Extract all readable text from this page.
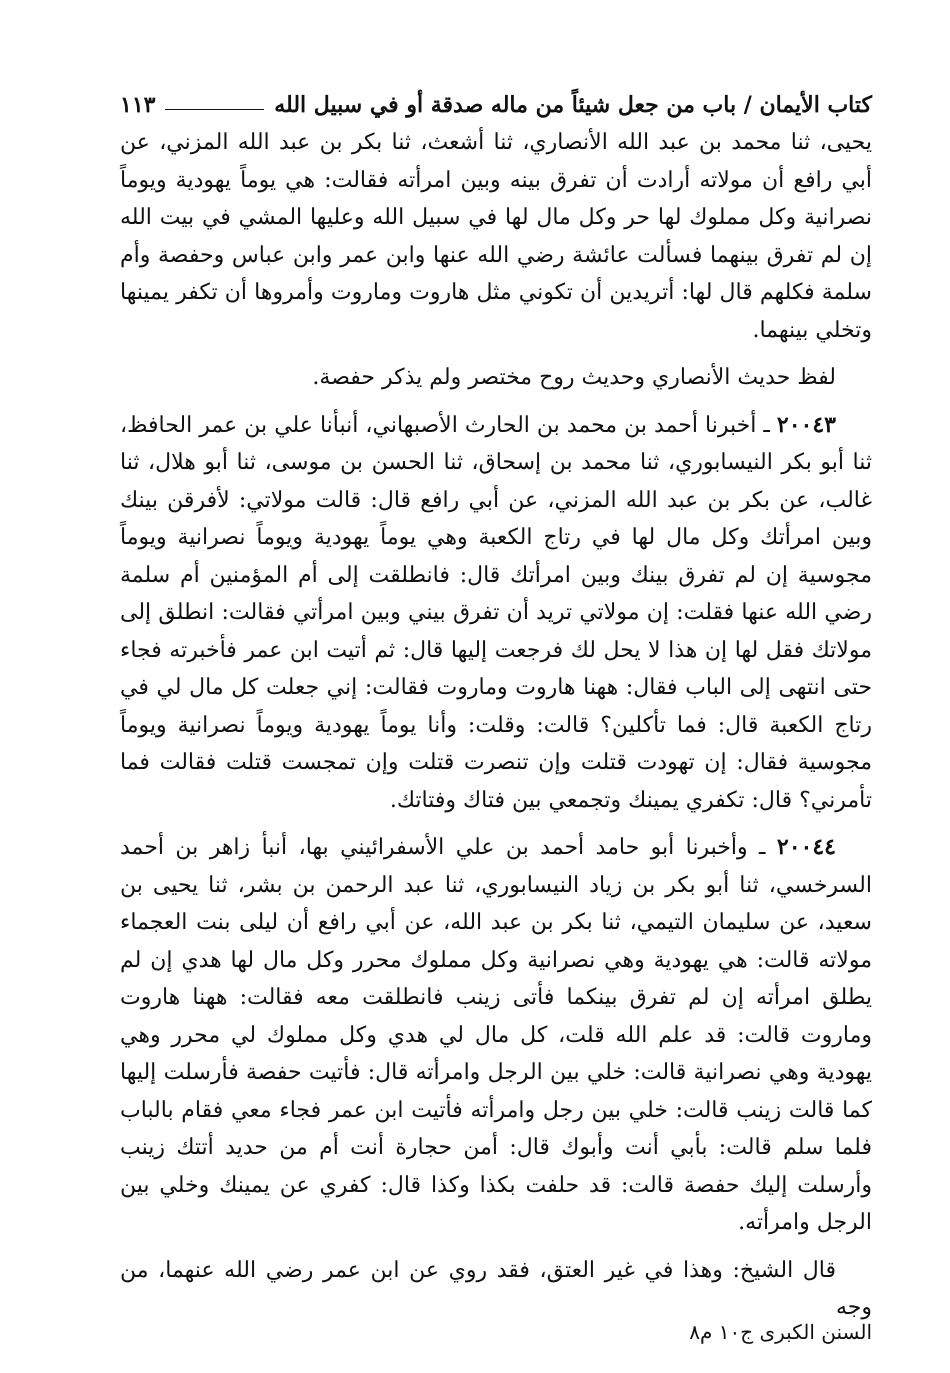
كتاب الأيمان / باب من جعل شيئاً من ماله صدقة أو في سبيل الله
١١٣

يحيى، ثنا محمد بن عبد الله الأنصاري، ثنا أشعث، ثنا بكر بن عبد الله المزني، عن أبي رافع أن مولاته أرادت أن تفرق بينه وبين امرأته فقالت: هي يوماً يهودية ويوماً نصرانية وكل مملوك لها حر وكل مال لها في سبيل الله وعليها المشي في بيت الله إن لم تفرق بينهما فسألت عائشة رضي الله عنها وابن عمر وابن عباس وحفصة وأم سلمة فكلهم قال لها: أتريدين أن تكوني مثل هاروت وماروت وأمروها أن تكفر يمينها وتخلي بينهما.

لفظ حديث الأنصاري وحديث روح مختصر ولم يذكر حفصة.

٢٠٠٤٣ ـ أخبرنا أحمد بن محمد بن الحارث الأصبهاني، أنبأنا علي بن عمر الحافظ، ثنا أبو بكر النيسابوري، ثنا محمد بن إسحاق، ثنا الحسن بن موسى، ثنا أبو هلال، ثنا غالب، عن بكر بن عبد الله المزني، عن أبي رافع قال: قالت مولاتي: لأفرقن بينك وبين امرأتك وكل مال لها في رتاج الكعبة وهي يوماً يهودية ويوماً نصرانية ويوماً مجوسية إن لم تفرق بينك وبين امرأتك قال: فانطلقت إلى أم المؤمنين أم سلمة رضي الله عنها فقلت: إن مولاتي تريد أن تفرق بيني وبين امرأتي فقالت: انطلق إلى مولاتك فقل لها إن هذا لا يحل لك فرجعت إليها قال: ثم أتيت ابن عمر فأخبرته فجاء حتى انتهى إلى الباب فقال: ههنا هاروت وماروت فقالت: إني جعلت كل مال لي في رتاج الكعبة قال: فما تأكلين؟ قالت: وقلت: وأنا يوماً يهودية ويوماً نصرانية ويوماً مجوسية فقال: إن تهودت قتلت وإن تنصرت قتلت وإن تمجست قتلت فقالت فما تأمرني؟ قال: تكفري يمينك وتجمعي بين فتاك وفتاتك.

٢٠٠٤٤ ـ وأخبرنا أبو حامد أحمد بن علي الأسفرائيني بها، أنبأ زاهر بن أحمد السرخسي، ثنا أبو بكر بن زياد النيسابوري، ثنا عبد الرحمن بن بشر، ثنا يحيى بن سعيد، عن سليمان التيمي، ثنا بكر بن عبد الله، عن أبي رافع أن ليلى بنت العجماء مولاته قالت: هي يهودية وهي نصرانية وكل مملوك محرر وكل مال لها هدي إن لم يطلق امرأته إن لم تفرق بينكما فأتى زينب فانطلقت معه فقالت: ههنا هاروت وماروت قالت: قد علم الله قلت، كل مال لي هدي وكل مملوك لي محرر وهي يهودية وهي نصرانية قالت: خلي بين الرجل وامرأته قال: فأتيت حفصة فأرسلت إليها كما قالت زينب قالت: خلي بين رجل وامرأته فأتيت ابن عمر فجاء معي فقام بالباب فلما سلم قالت: بأبي أنت وأبوك قال: أمن حجارة أنت أم من حديد أتتك زينب وأرسلت إليك حفصة قالت: قد حلفت بكذا وكذا قال: كفري عن يمينك وخلي بين الرجل وامرأته.

قال الشيخ: وهذا في غير العتق، فقد روي عن ابن عمر رضي الله عنهما، من وجه

السنن الكبرى ج١٠ م٨
